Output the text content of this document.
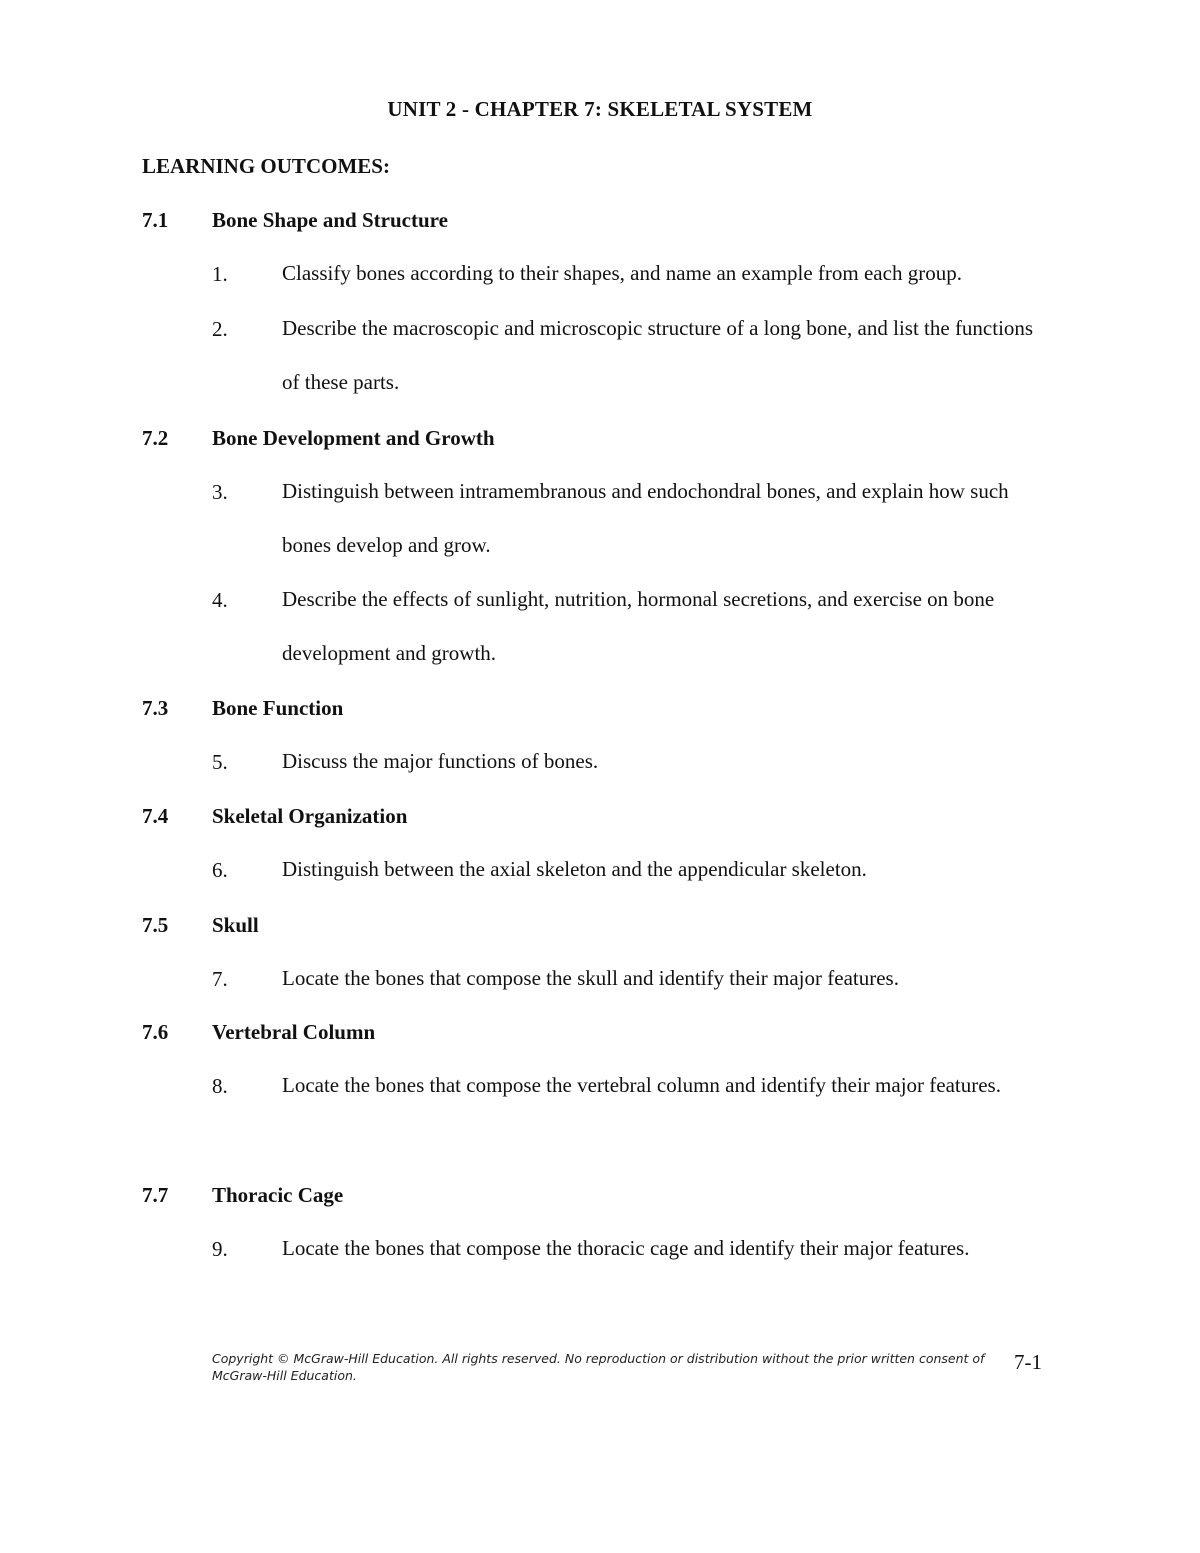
UNIT 2 - CHAPTER 7: SKELETAL SYSTEM
LEARNING OUTCOMES:
7.1 Bone Shape and Structure
1.	Classify bones according to their shapes, and name an example from each group.
2.	Describe the macroscopic and microscopic structure of a long bone, and list the functions of these parts.
7.2 Bone Development and Growth
3.	Distinguish between intramembranous and endochondral bones, and explain how such bones develop and grow.
4.	Describe the effects of sunlight, nutrition, hormonal secretions, and exercise on bone development and growth.
7.3 Bone Function
5.	Discuss the major functions of bones.
7.4 Skeletal Organization
6.	Distinguish between the axial skeleton and the appendicular skeleton.
7.5 Skull
7.	Locate the bones that compose the skull and identify their major features.
7.6 Vertebral Column
8.	Locate the bones that compose the vertebral column and identify their major features.
7.7 Thoracic Cage
9.	Locate the bones that compose the thoracic cage and identify their major features.
Copyright © McGraw-Hill Education. All rights reserved. No reproduction or distribution without the prior written consent of McGraw-Hill Education.
7-1
